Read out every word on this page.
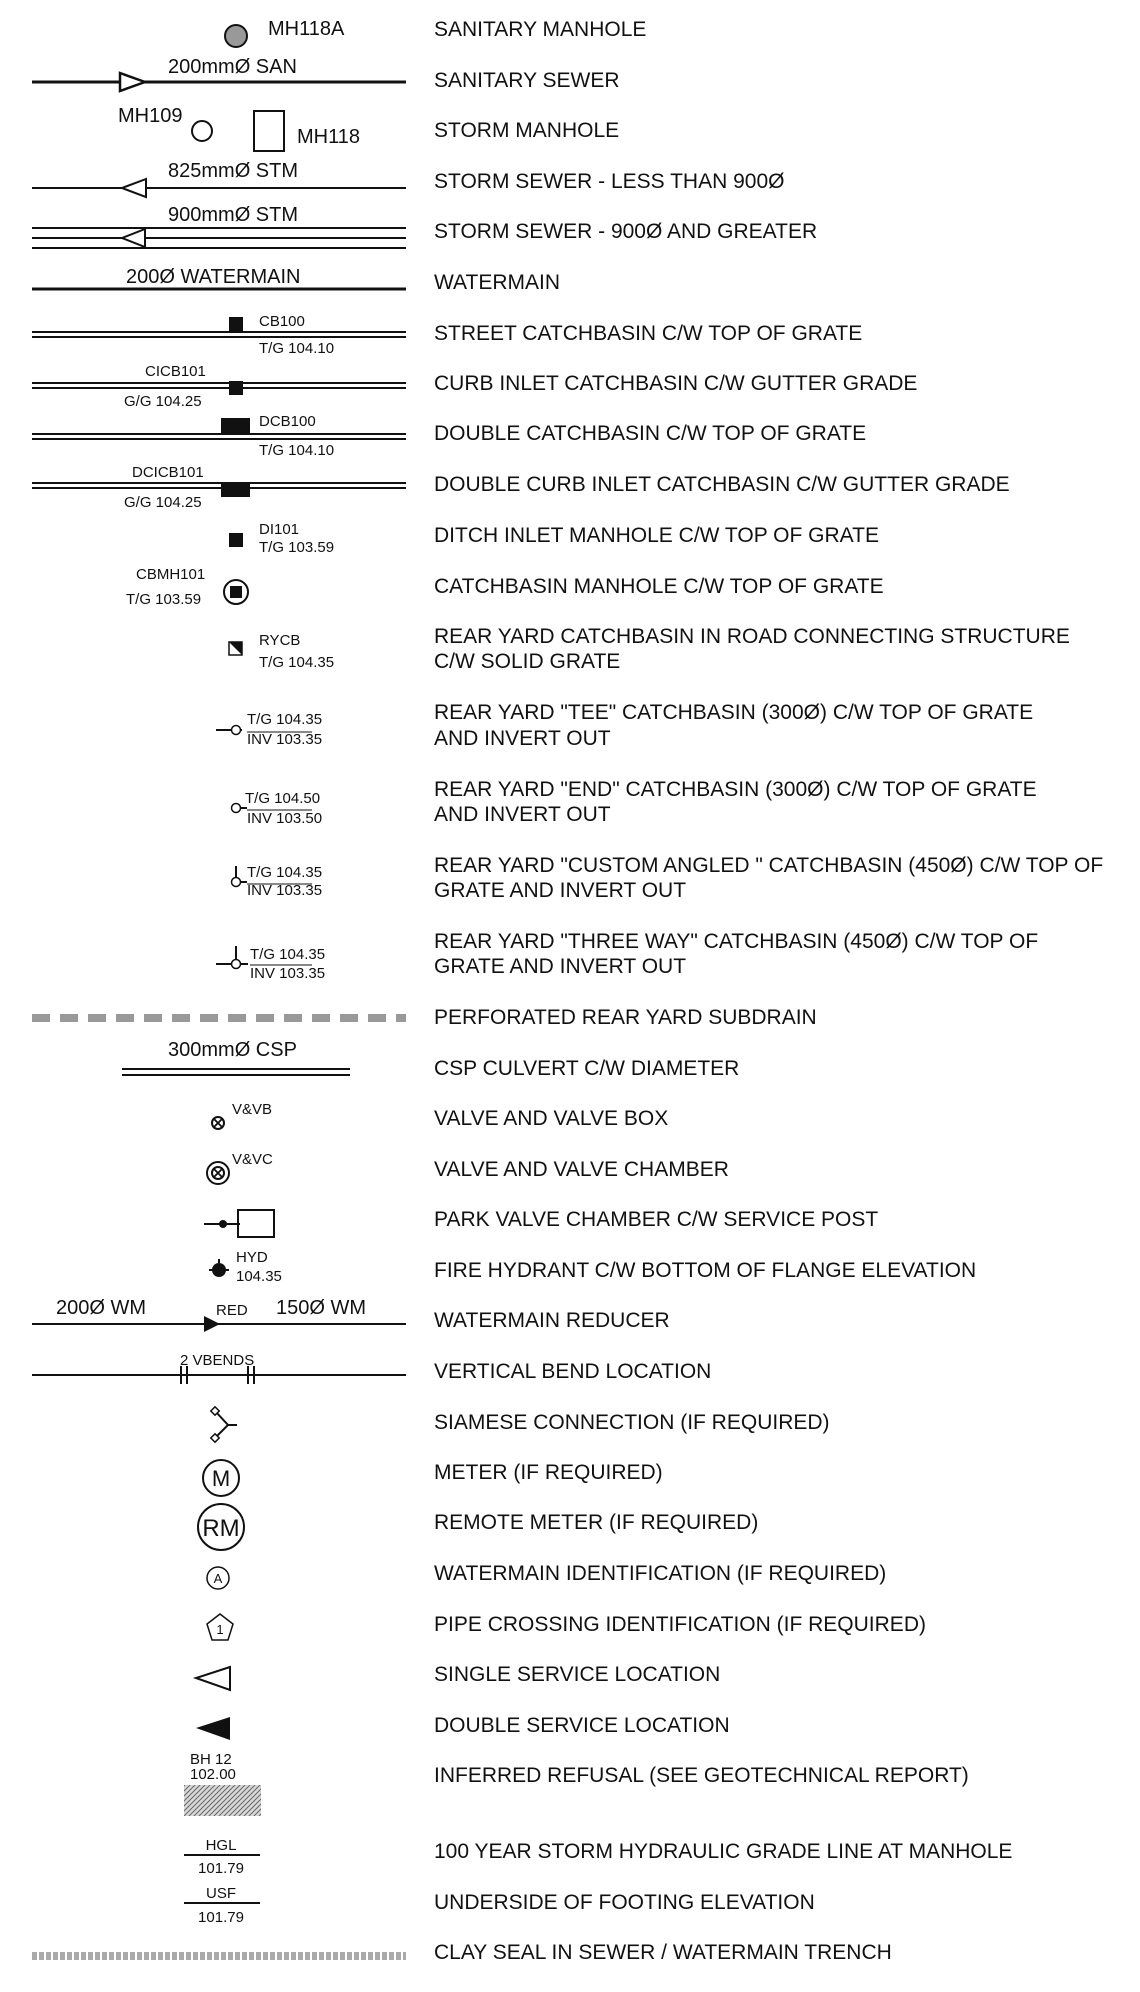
MH118A
200mmØ SAN
MH109
MH118
825mmØ STM
900mmØ STM
200Ø WATERMAIN
CB100
T/G 104.10
CICB101
G/G 104.25
DCB100
T/G 104.10
DCICB101
G/G 104.25
DI101
T/G 103.59
CBMH101
T/G 103.59
RYCB
T/G 104.35
T/G 104.35
INV 103.35
T/G 104.50
INV 103.50
T/G 104.35
INV 103.35
T/G 104.35
INV 103.35
300mmØ CSP
V&VB
V&VC
HYD
104.35
200Ø WM	RED 150Ø WM
2 VBENDS
M
RM
A
1
BH 12
102.00
HGL
101.79
USF
101.79
SANITARY MANHOLE
SANITARY SEWER
STORM MANHOLE
STORM SEWER - LESS THAN 900Ø
STORM SEWER - 900Ø AND GREATER
WATERMAIN
STREET CATCHBASIN C/W TOP OF GRATE
CURB INLET CATCHBASIN C/W GUTTER GRADE
DOUBLE CATCHBASIN C/W TOP OF GRATE
DOUBLE CURB INLET CATCHBASIN C/W GUTTER GRADE
DITCH INLET MANHOLE C/W TOP OF GRATE
CATCHBASIN MANHOLE C/W TOP OF GRATE
REAR YARD CATCHBASIN IN ROAD CONNECTING STRUCTURE
C/W SOLID GRATE
REAR YARD "TEE" CATCHBASIN (300Ø) C/W TOP OF GRATE
AND INVERT OUT
REAR YARD "END" CATCHBASIN (300Ø) C/W TOP OF GRATE
AND INVERT OUT
REAR YARD "CUSTOM ANGLED " CATCHBASIN (450Ø) C/W TOP OF
GRATE AND INVERT OUT
REAR YARD "THREE WAY" CATCHBASIN (450Ø) C/W TOP OF
GRATE AND INVERT OUT
PERFORATED REAR YARD SUBDRAIN
CSP CULVERT C/W DIAMETER
VALVE AND VALVE BOX
VALVE AND VALVE CHAMBER
PARK VALVE CHAMBER C/W SERVICE POST
FIRE HYDRANT C/W BOTTOM OF FLANGE ELEVATION
WATERMAIN REDUCER
VERTICAL BEND LOCATION
SIAMESE CONNECTION (IF REQUIRED)
METER (IF REQUIRED)
REMOTE METER (IF REQUIRED)
WATERMAIN IDENTIFICATION (IF REQUIRED)
PIPE CROSSING IDENTIFICATION (IF REQUIRED)
SINGLE SERVICE LOCATION
DOUBLE SERVICE LOCATION
INFERRED REFUSAL (SEE GEOTECHNICAL REPORT)
100 YEAR STORM HYDRAULIC GRADE LINE AT MANHOLE
UNDERSIDE OF FOOTING ELEVATION
CLAY SEAL IN SEWER / WATERMAIN TRENCH
